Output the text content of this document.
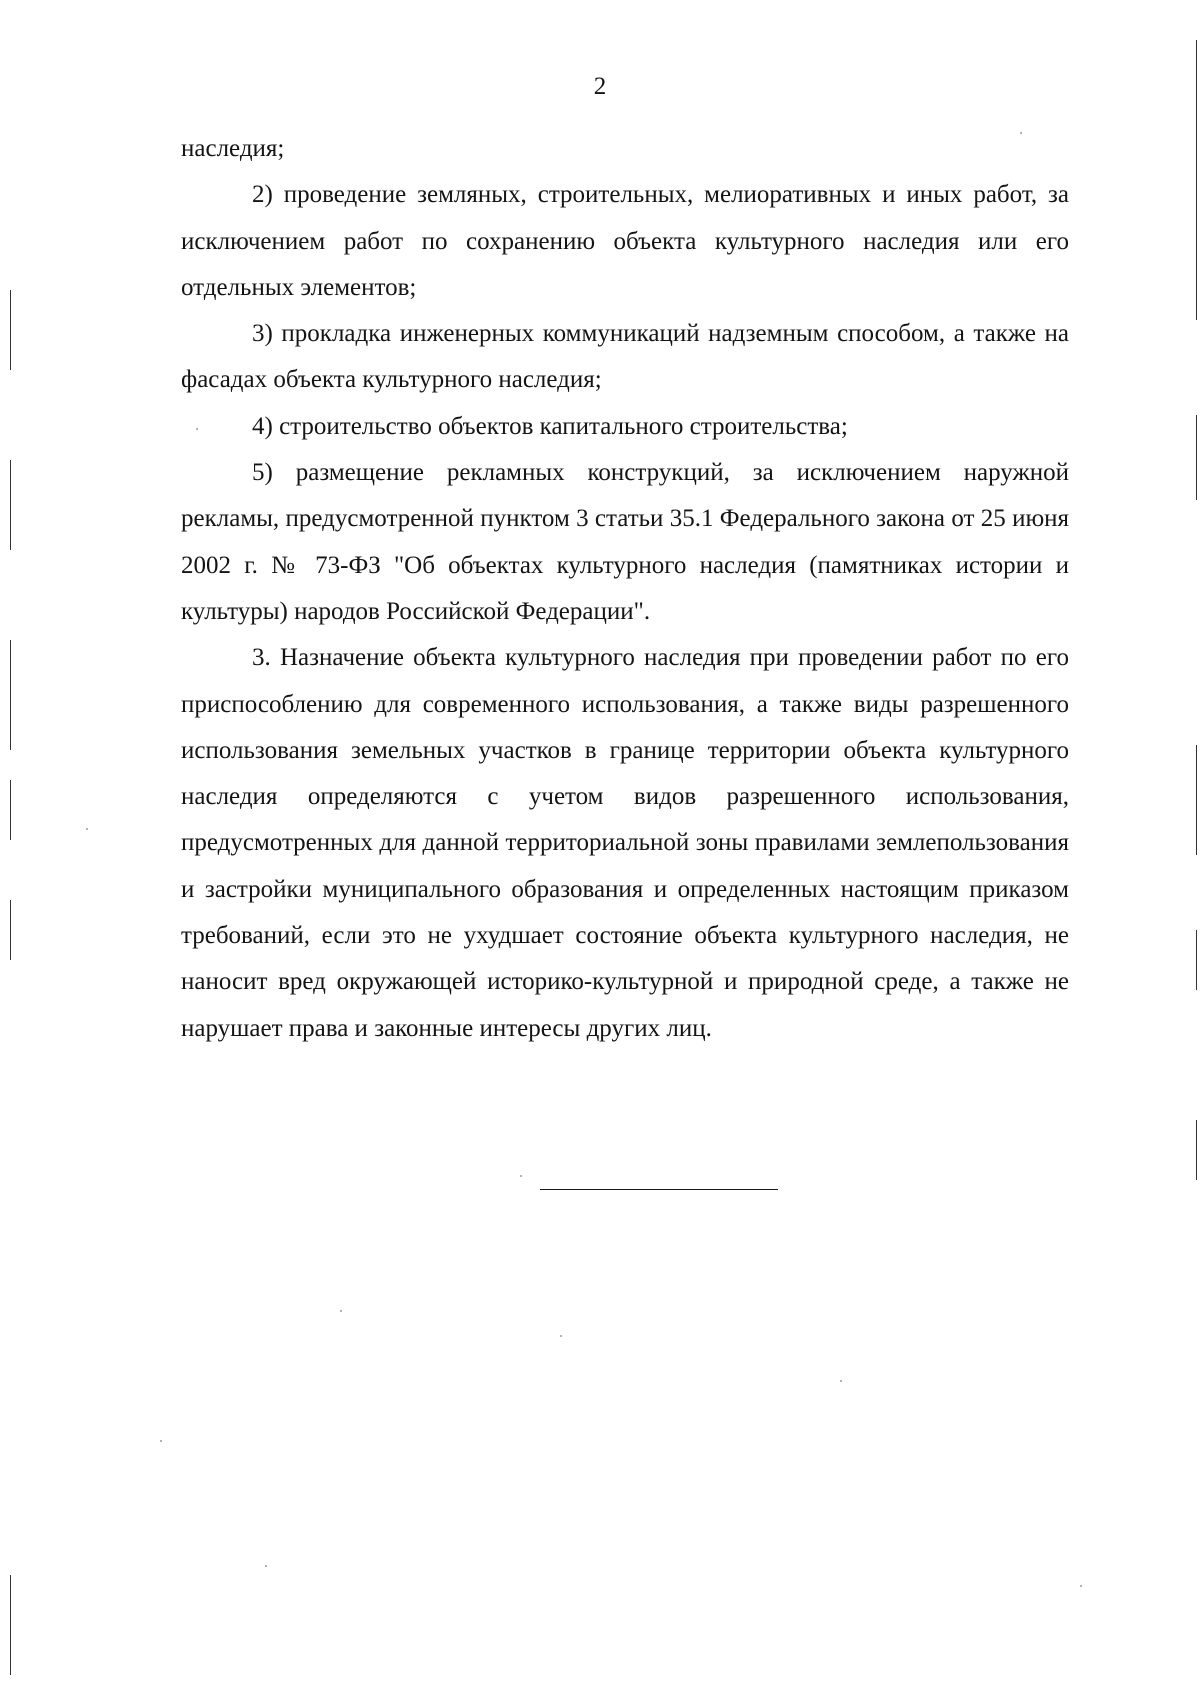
2

наследия;

2) проведение земляных, строительных, мелиоративных и иных работ, за исключением работ по сохранению объекта культурного наследия или его отдельных элементов;

3) прокладка инженерных коммуникаций надземным способом, а также на фасадах объекта культурного наследия;

4) строительство объектов капитального строительства;

5) размещение рекламных конструкций, за исключением наружной рекламы, предусмотренной пунктом 3 статьи 35.1 Федерального закона от 25 июня 2002 г. № 73-ФЗ "Об объектах культурного наследия (памятниках истории и культуры) народов Российской Федерации".

3. Назначение объекта культурного наследия при проведении работ по его приспособлению для современного использования, а также виды разрешенного использования земельных участков в границе территории объекта культурного наследия определяются с учетом видов разрешенного использования, предусмотренных для данной территориальной зоны правилами землепользования и застройки муниципального образования и определенных настоящим приказом требований, если это не ухудшает состояние объекта культурного наследия, не наносит вред окружающей историко-культурной и природной среде, а также не нарушает права и законные интересы других лиц.
